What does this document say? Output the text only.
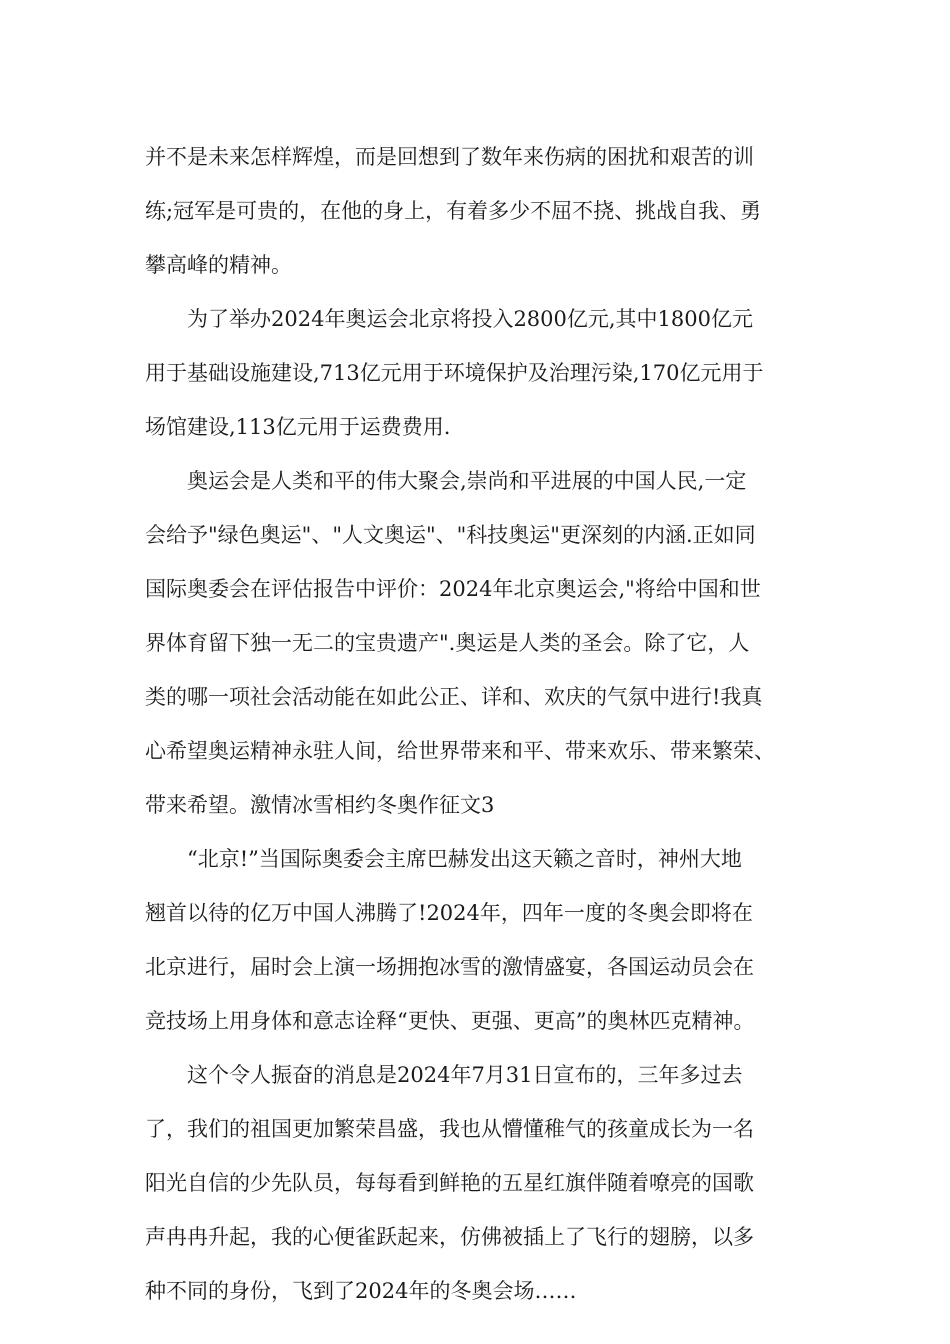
并不是未来怎样辉煌，而是回想到了数年来伤病的困扰和艰苦的训
练;冠军是可贵的，在他的身上，有着多少不屈不挠、挑战自我、勇
攀高峰的精神。
为了举办2024年奥运会北京将投入2800亿元,其中1800亿元
用于基础设施建设,713亿元用于环境保护及治理污染,170亿元用于
场馆建设,113亿元用于运费费用.
奥运会是人类和平的伟大聚会,崇尚和平进展的中国人民,一定
会给予"绿色奥运"、"人文奥运"、"科技奥运"更深刻的内涵.正如同
国际奥委会在评估报告中评价：2024年北京奥运会,"将给中国和世
界体育留下独一无二的宝贵遗产".奥运是人类的圣会。除了它，人
类的哪一项社会活动能在如此公正、详和、欢庆的气氛中进行!我真
心希望奥运精神永驻人间，给世界带来和平、带来欢乐、带来繁荣、
带来希望。激情冰雪相约冬奥作征文3
“北京!”当国际奥委会主席巴赫发出这天籁之音时，神州大地
翘首以待的亿万中国人沸腾了!2024年，四年一度的冬奥会即将在
北京进行，届时会上演一场拥抱冰雪的激情盛宴，各国运动员会在
竞技场上用身体和意志诠释“更快、更强、更高”的奥林匹克精神。
这个令人振奋的消息是2024年7月31日宣布的，三年多过去
了，我们的祖国更加繁荣昌盛，我也从懵懂稚气的孩童成长为一名
阳光自信的少先队员，每每看到鲜艳的五星红旗伴随着嘹亮的国歌
声冉冉升起，我的心便雀跃起来，仿佛被插上了飞行的翅膀，以多
种不同的身份，飞到了2024年的冬奥会场……
